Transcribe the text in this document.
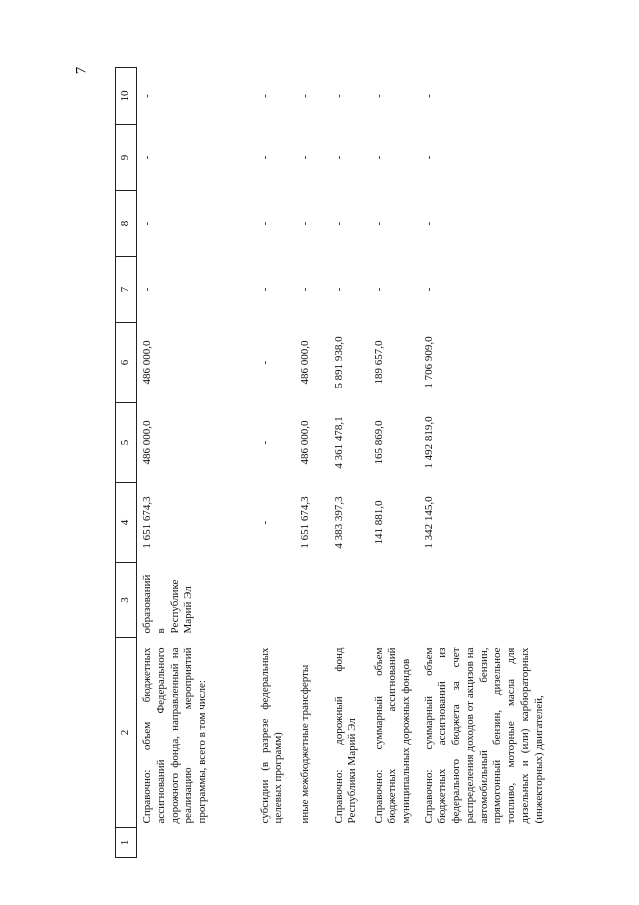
7
1	2	3	4	5	6	7	8	9	10
	Справочно: объем бюджетных ассигнований Федерального дорожного фонда, направленный на реализацию мероприятий программы, всего в том числе:	образований в Республике Марий Эл	1 651 674,3	486 000,0	486 000,0	-	-	-	-
	субсидии (в разрезе федеральных целевых программ)		-	-	-	-	-	-	-
	иные межбюджетные трансферты		1 651 674,3	486 000,0	486 000,0	-	-	-	-
	Справочно: дорожный фонд Республики Марий Эл		4 383 397,3	4 361 478,1	5 891 938,0	-	-	-	-
	Справочно: суммарный объем бюджетных ассигнований муниципальных дорожных фондов		141 881,0	165 869,0	189 657,0	-	-	-	-
	Справочно: суммарный объем бюджетных ассигнований из федерального бюджета за счет распределения доходов от акцизов на автомобильный бензин, прямогонный бензин, дизельное топливо, моторные масла для дизельных и (или) карбюраторных (инжекторных) двигателей,		1 342 145,0	1 492 819,0	1 706 909,0	-	-	-	-
